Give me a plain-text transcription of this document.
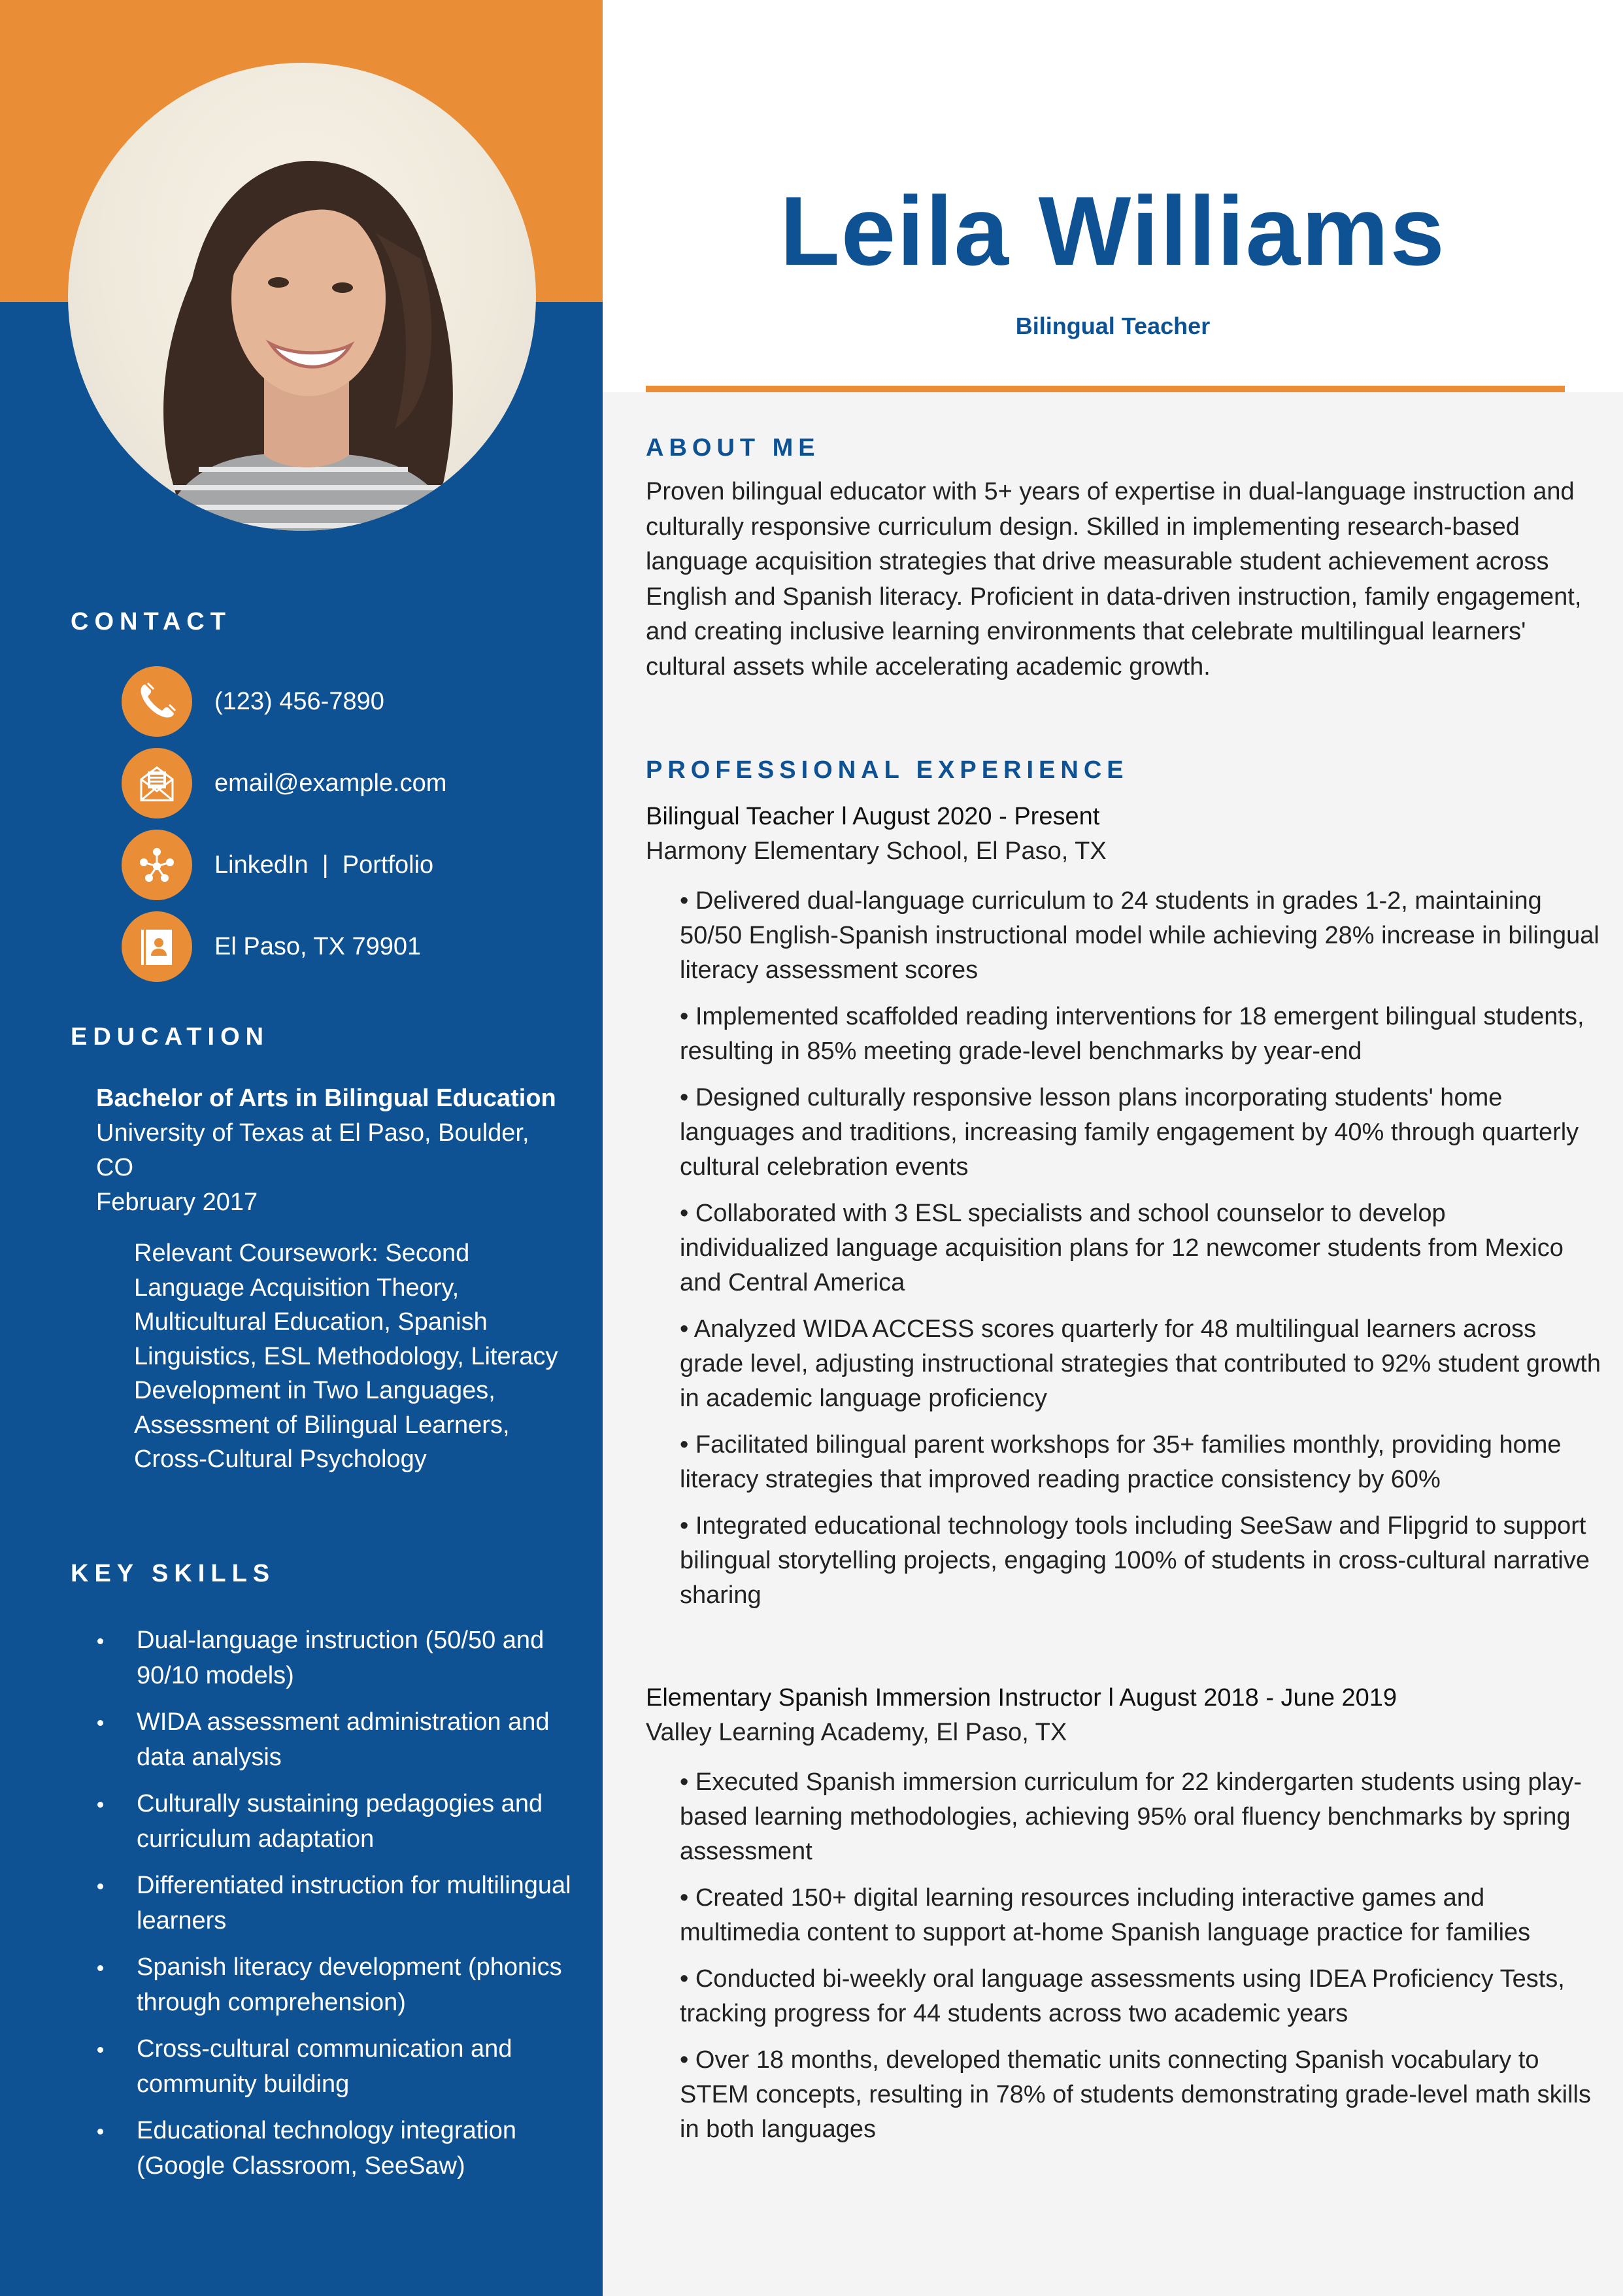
CONTACT
(123) 456-7890
email@example.com
LinkedIn  |  Portfolio
El Paso, TX 79901
EDUCATION
Bachelor of Arts in Bilingual Education
University of Texas at El Paso, Boulder, CO
February 2017
Relevant Coursework: Second Language Acquisition Theory, Multicultural Education, Spanish Linguistics, ESL Methodology, Literacy Development in Two Languages, Assessment of Bilingual Learners, Cross-Cultural Psychology
KEY SKILLS
Dual-language instruction (50/50 and 90/10 models)
WIDA assessment administration and data analysis
Culturally sustaining pedagogies and curriculum adaptation
Differentiated instruction for multilingual learners
Spanish literacy development (phonics through comprehension)
Cross-cultural communication and community building
Educational technology integration (Google Classroom, SeeSaw)
Leila Williams
Bilingual Teacher
ABOUT ME

Proven bilingual educator with 5+ years of expertise in dual-language instruction and culturally responsive curriculum design. Skilled in implementing research-based language acquisition strategies that drive measurable student achievement across English and Spanish literacy. Proficient in data-driven instruction, family engagement, and creating inclusive learning environments that celebrate multilingual learners' cultural assets while accelerating academic growth.

PROFESSIONAL EXPERIENCE
Bilingual Teacher l August 2020 - Present
Harmony Elementary School, El Paso, TX
• Delivered dual-language curriculum to 24 students in grades 1-2, maintaining 50/50 English-Spanish instructional model while achieving 28% increase in bilingual literacy assessment scores
• Implemented scaffolded reading interventions for 18 emergent bilingual students, resulting in 85% meeting grade-level benchmarks by year-end
• Designed culturally responsive lesson plans incorporating students' home languages and traditions, increasing family engagement by 40% through quarterly cultural celebration events
• Collaborated with 3 ESL specialists and school counselor to develop individualized language acquisition plans for 12 newcomer students from Mexico and Central America
• Analyzed WIDA ACCESS scores quarterly for 48 multilingual learners across grade level, adjusting instructional strategies that contributed to 92% student growth in academic language proficiency
• Facilitated bilingual parent workshops for 35+ families monthly, providing home literacy strategies that improved reading practice consistency by 60%
• Integrated educational technology tools including SeeSaw and Flipgrid to support bilingual storytelling projects, engaging 100% of students in cross-cultural narrative sharing
Elementary Spanish Immersion Instructor l August 2018 - June 2019
Valley Learning Academy, El Paso, TX
• Executed Spanish immersion curriculum for 22 kindergarten students using play-based learning methodologies, achieving 95% oral fluency benchmarks by spring assessment
• Created 150+ digital learning resources including interactive games and multimedia content to support at-home Spanish language practice for families
• Conducted bi-weekly oral language assessments using IDEA Proficiency Tests, tracking progress for 44 students across two academic years
• Over 18 months, developed thematic units connecting Spanish vocabulary to STEM concepts, resulting in 78% of students demonstrating grade-level math skills in both languages
